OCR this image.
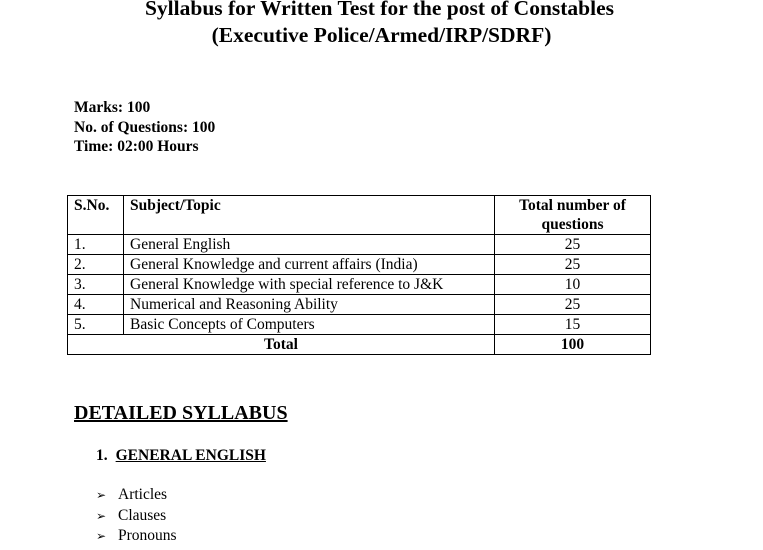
Syllabus for Written Test for the post of Constables
(Executive Police/Armed/IRP/SDRF)
Marks: 100
No. of Questions: 100
Time: 02:00 Hours
S.No.	Subject/Topic	Total number of questions
1.	General English	25
2.	General Knowledge and current affairs (India)	25
3.	General Knowledge with special reference to J&K	10
4.	Numerical and Reasoning Ability	25
5.	Basic Concepts of Computers	15
Total		100
DETAILED SYLLABUS
1. GENERAL ENGLISH
➢ Articles
➢ Clauses
➢ Pronouns
